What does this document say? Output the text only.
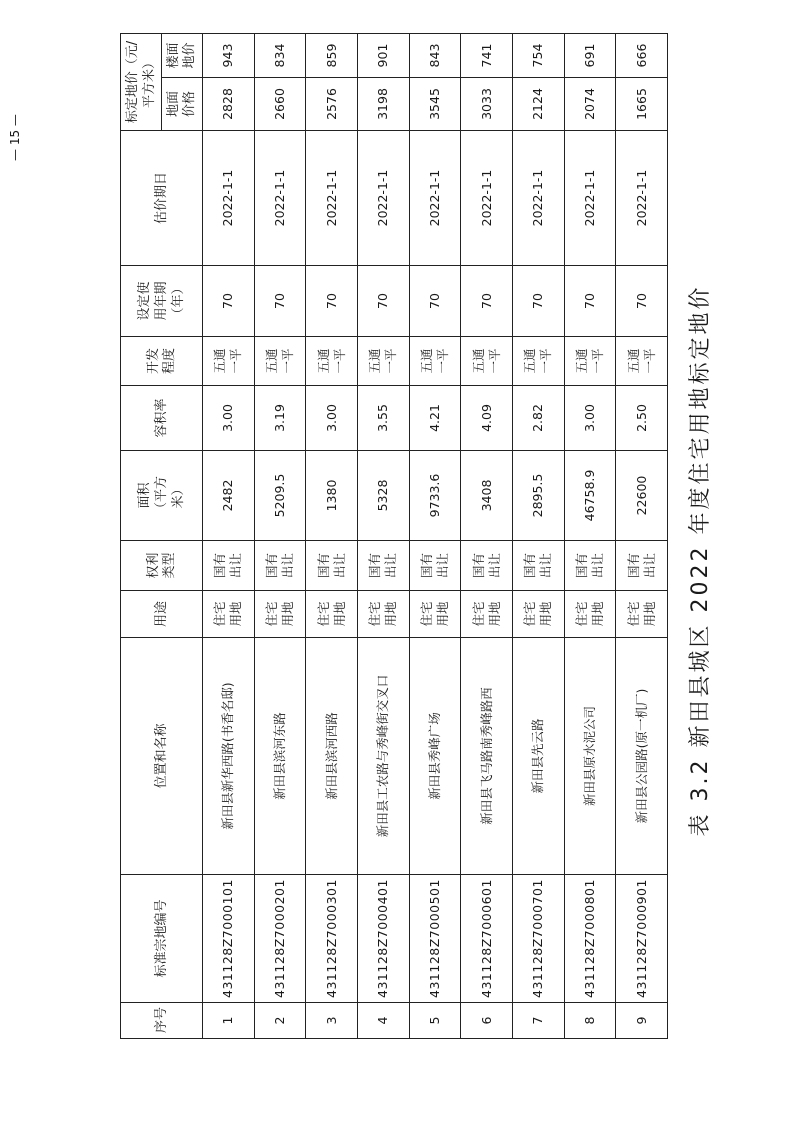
— 15 —
序号	标准宗地编号	位置和名称	用途	权利类型	面积（平方米）	容积率	开发程度	设定使用年期（年）	估价期日	标定地价（元/平方米）	

										地面价格	楼面地价

1	431128Z7000101	新田县新华西路(书香名邸)	住宅用地	国有出让	2482	3.00	五通一平	70	2022-1-1	2828	943
2	431128Z7000201	新田县滨河东路	住宅用地	国有出让	5209.5	3.19	五通一平	70	2022-1-1	2660	834
3	431128Z7000301	新田县滨河西路	住宅用地	国有出让	1380	3.00	五通一平	70	2022-1-1	2576	859
4	431128Z7000401	新田县工农路与秀峰街交叉口	住宅用地	国有出让	5328	3.55	五通一平	70	2022-1-1	3198	901
5	431128Z7000501	新田县秀峰广场	住宅用地	国有出让	9733.6	4.21	五通一平	70	2022-1-1	3545	843
6	431128Z7000601	新田县飞马路南秀峰路西	住宅用地	国有出让	3408	4.09	五通一平	70	2022-1-1	3033	741
7	431128Z7000701	新田县先云路	住宅用地	国有出让	2895.5	2.82	五通一平	70	2022-1-1	2124	754
8	431128Z7000801	新田县原水泥公司	住宅用地	国有出让	46758.9	3.00	五通一平	70	2022-1-1	2074	691
9	431128Z7000901	新田县公园路(原一机厂)	住宅用地	国有出让	22600	2.50	五通一平	70	2022-1-1	1665	666
表 3.2 新田县城区 2022 年度住宅用地标定地价
